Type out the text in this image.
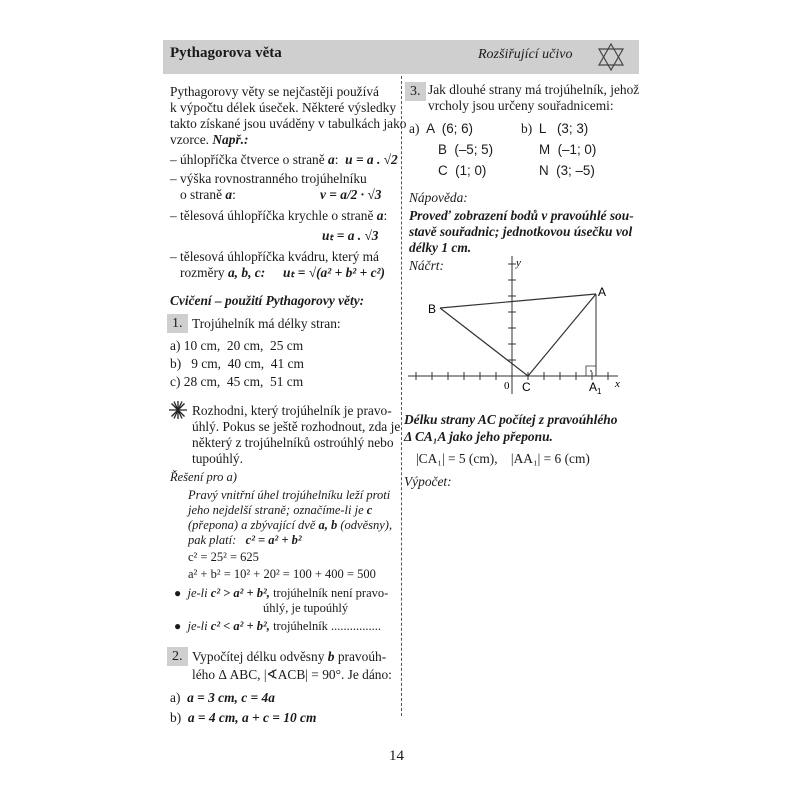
Pythagorova věta	Rozšiřující učivo
Pythagorovy věty se nejčastěji používá
k výpočtu délek úseček. Některé výsledky
takto získané jsou uváděny v tabulkách jako
vzorce. Např.:
– úhlopříčka čtverce o straně a:  u = a . √2
– výška rovnostranného trojúhelníku
o straně a:	v = a/2 · √3
– tělesová úhlopříčka krychle o straně a:
uₜ = a . √3
– tělesová úhlopříčka kvádru, který má
rozměry a, b, c: uₜ = √(a² + b² + c²)
Cvičení – použití Pythagorovy věty:
1. Trojúhelník má délky stran:
a) 10 cm,  20 cm,  25 cm
b)   9 cm,  40 cm,  41 cm
c) 28 cm,  45 cm,  51 cm
Rozhodni, který trojúhelník je pravo-
úhlý. Pokus se ještě rozhodnout, zda je
některý z trojúhelníků ostroúhlý nebo
tupoúhlý.
Řešení pro a)
Pravý vnitřní úhel trojúhelníku leží proti
jeho nejdelší straně; označíme-li je c
(přepona) a zbývající dvě a, b (odvěsny),
pak platí: c² = a² + b²
c² = 25² = 625
a² + b² = 10² + 20² = 100 + 400 = 500
● je-li c² > a² + b², trojúhelník není pravo-
úhlý, je tupoúhlý
● je-li c² < a² + b², trojúhelník ................
2. Vypočítej délku odvěsny b pravoúh-
lého Δ ABC, |∢ACB| = 90°. Je dáno:
a) a = 3 cm, c = 4a
b) a = 4 cm, a + c = 10 cm
3. Jak dlouhé strany má trojúhelník, jehož
vrcholy jsou určeny souřadnicemi:
a) A  (6; 6)
B  (–5; 5)
C  (1; 0)
b) L   (3; 3)
M  (–1; 0)
N  (3; –5)
Nápověda:
Proveď zobrazení bodů v pravoúhlé sou-
stavě souřadnic; jednotkovou úsečku vol
délky 1 cm.
Náčrt:	y
x
0
A
B
C	$A_1$
Délku strany AC počítej z pravoúhlého
Δ CA₁A jako jeho přeponu.
|CA₁| = 5 (cm),    |AA₁| = 6 (cm)
Výpočet:
14
